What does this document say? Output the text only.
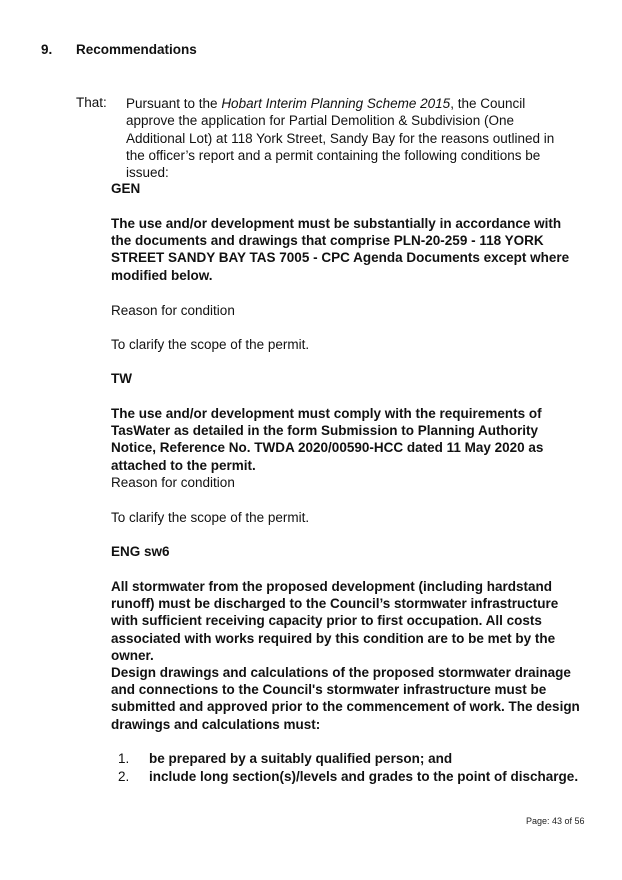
9. Recommendations
That: Pursuant to the Hobart Interim Planning Scheme 2015, the Council approve the application for Partial Demolition & Subdivision (One Additional Lot) at 118 York Street, Sandy Bay for the reasons outlined in the officer’s report and a permit containing the following conditions be issued:
GEN
The use and/or development must be substantially in accordance with the documents and drawings that comprise PLN-20-259 - 118 YORK STREET SANDY BAY TAS 7005 - CPC Agenda Documents except where modified below.
Reason for condition
To clarify the scope of the permit.
TW
The use and/or development must comply with the requirements of TasWater as detailed in the form Submission to Planning Authority Notice, Reference No. TWDA 2020/00590-HCC dated 11 May 2020 as attached to the permit.
Reason for condition
To clarify the scope of the permit.
ENG sw6
All stormwater from the proposed development (including hardstand runoff) must be discharged to the Council’s stormwater infrastructure with sufficient receiving capacity prior to first occupation. All costs associated with works required by this condition are to be met by the owner.
Design drawings and calculations of the proposed stormwater drainage and connections to the Council's stormwater infrastructure must be submitted and approved prior to the commencement of work. The design drawings and calculations must:
1. be prepared by a suitably qualified person; and
2. include long section(s)/levels and grades to the point of discharge.
Page: 43 of 56
